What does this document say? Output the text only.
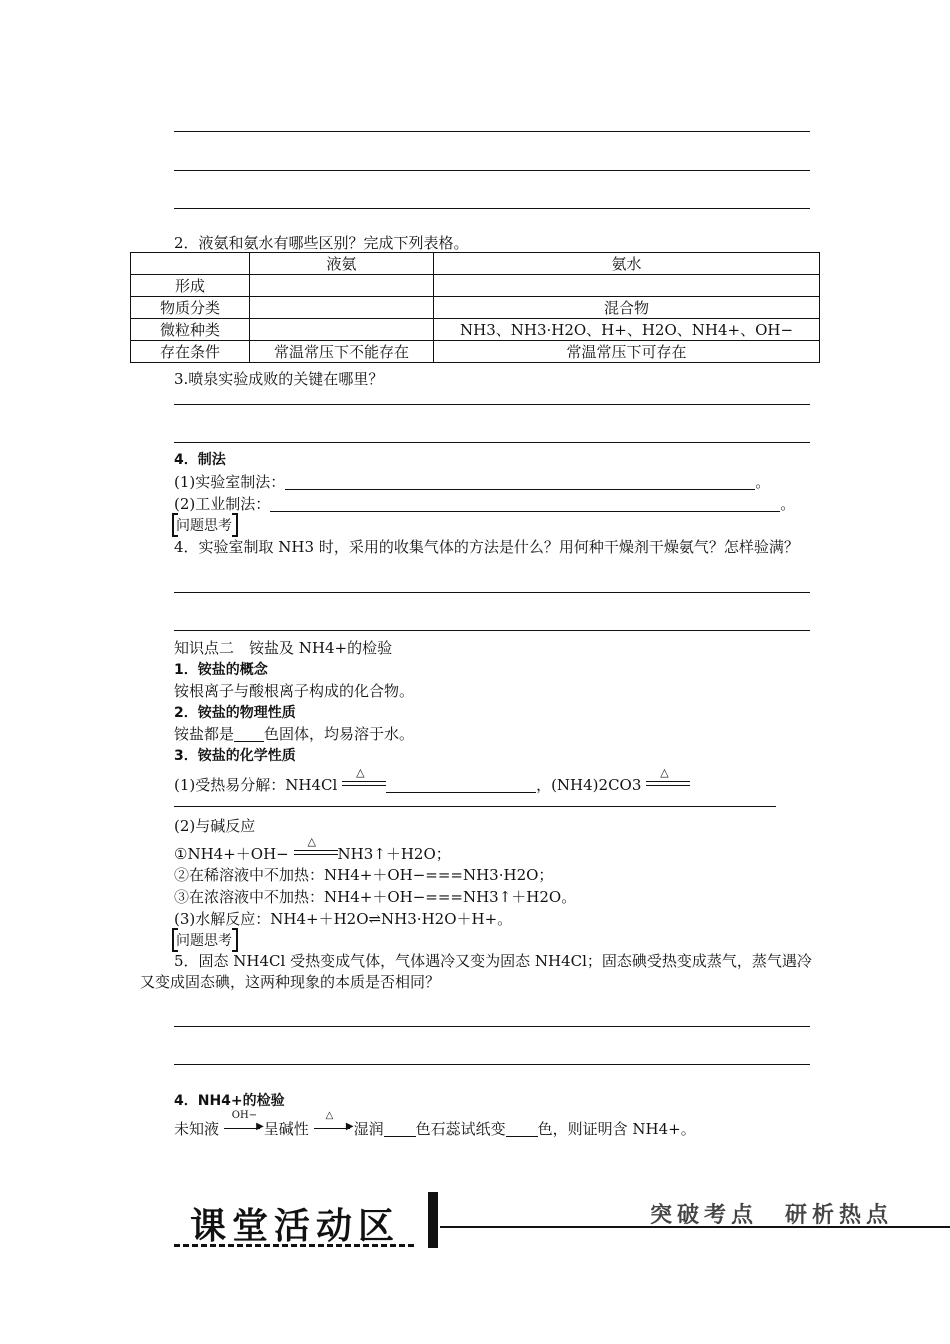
2．液氨和氨水有哪些区别？完成下列表格。
	液氨	氨水
形成		
物质分类		混合物
微粒种类		NH3、NH3·H2O、H+、H2O、NH4+、OH−
存在条件	常温常压下不能存在	常温常压下可存在
3.喷泉实验成败的关键在哪里？
4．制法
(1)实验室制法：	。
(2)工业制法：	。
问题思考
4．实验室制取 NH3 时，采用的收集气体的方法是什么？用何种干燥剂干燥氨气？怎样验满？
知识点二　铵盐及 NH4+的检验
1．铵盐的概念
铵根离子与酸根离子构成的化合物。
2．铵盐的物理性质
铵盐都是 色固体，均易溶于水。
3．铵盐的化学性质
(1)受热易分解：NH4Cl
△
，(NH4)2CO3
△
(2)与碱反应
①NH4+＋OH−
△
NH3↑＋H2O；
②在稀溶液中不加热：NH4+＋OH−===NH3·H2O；
③在浓溶液中不加热：NH4+＋OH−===NH3↑＋H2O。
(3)水解反应：NH4+＋H2O⇌NH3·H2O＋H+。
问题思考
5．固态 NH4Cl 受热变成气体，气体遇冷又变为固态 NH4Cl；固态碘受热变成蒸气，蒸气遇冷又变成固态碘，这两种现象的本质是否相同？
4．NH4+的检验
未知液
OH−
▶ 呈碱性
△
▶ 湿润 色石蕊试纸变 色，则证明含 NH4+。
课堂活动区	突破考点　研析热点
